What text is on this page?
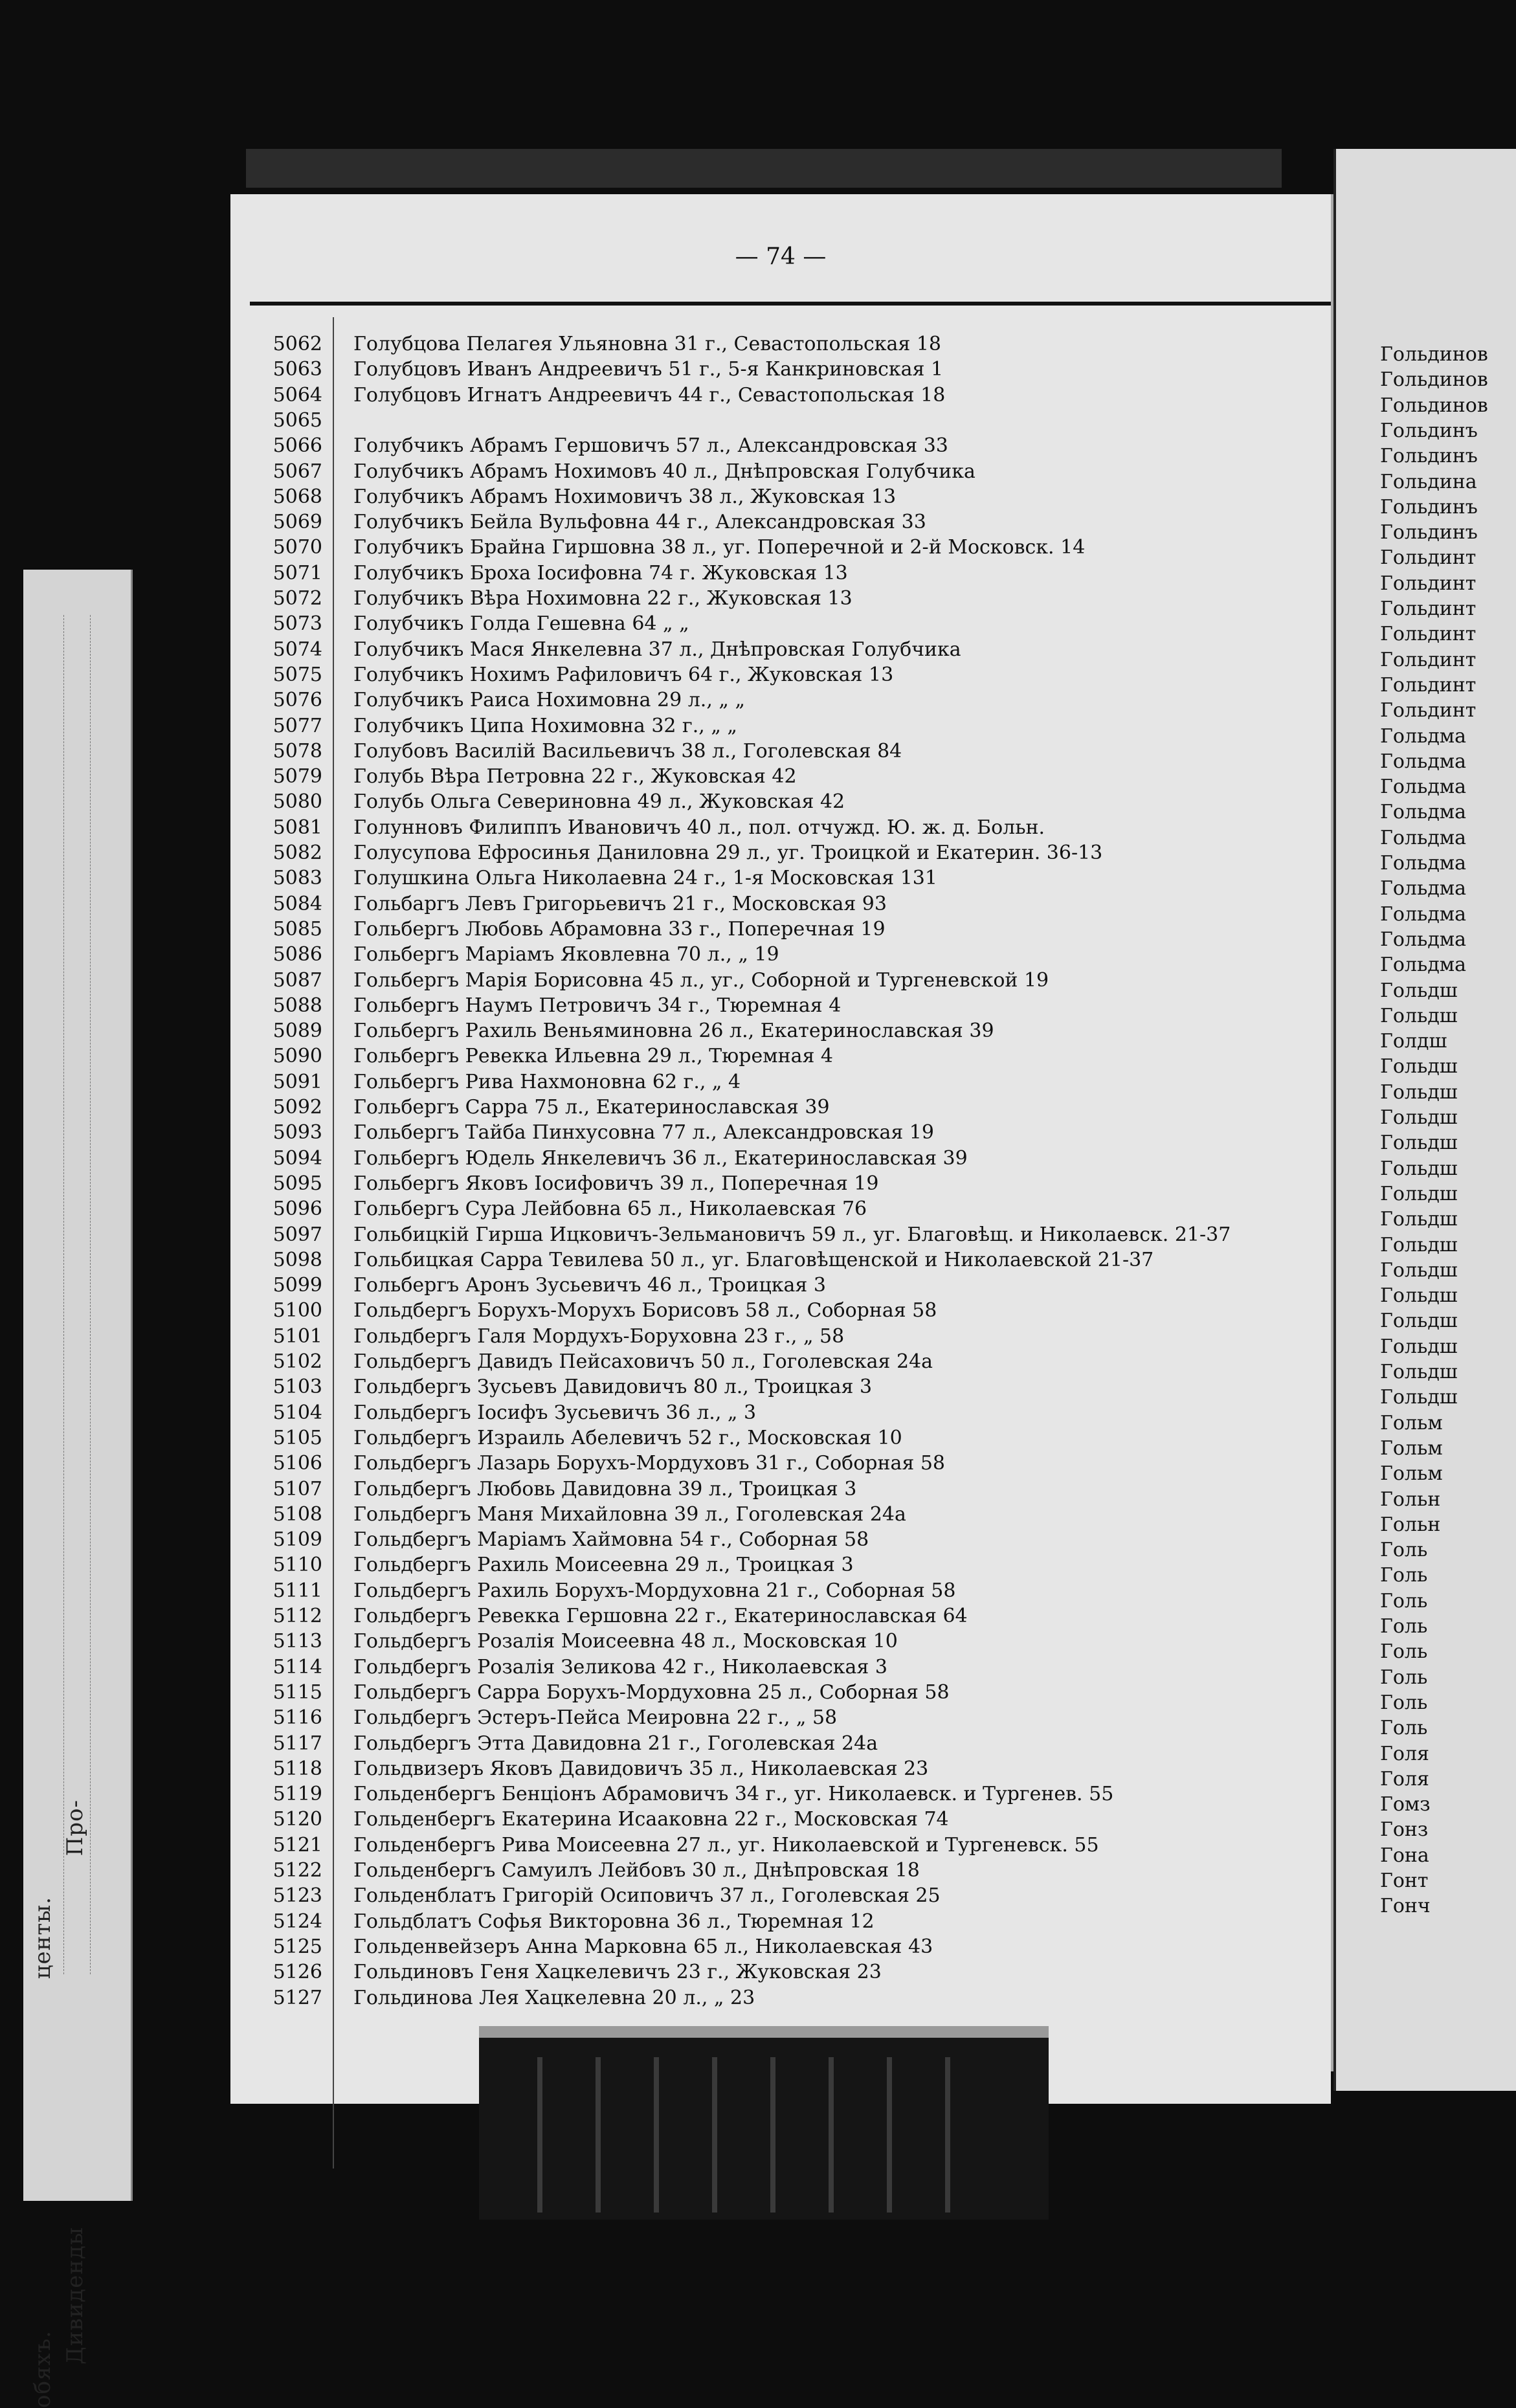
Про-
центы.
Дивиденды
обяхъ.
Гольдинов
Гольдинов
Гольдинов
Гольдинъ
Гольдинъ
Гольдина
Гольдинъ
Гольдинъ
Гольдинт
Гольдинт
Гольдинт
Гольдинт
Гольдинт
Гольдинт
Гольдинт
Гольдма
Гольдма
Гольдма
Гольдма
Гольдма
Гольдма
Гольдма
Гольдма
Гольдма
Гольдма
Гольдш
Гольдш
Голдш
Гольдш
Гольдш
Гольдш
Гольдш
Гольдш
Гольдш
Гольдш
Гольдш
Гольдш
Гольдш
Гольдш
Гольдш
Гольдш
Гольдш
Гольм
Гольм
Гольм
Гольн
Гольн
Голь
Голь
Голь
Голь
Голь
Голь
Голь
Голь
Голя
Голя
Гомз
Гонз
Гона
Гонт
Гонч
— 74 —
5062 Голубцова Пелагея Ульяновна 31 г., Севастопольская 18
5063 Голубцовъ Иванъ Андреевичъ 51 г., 5-я Канкриновская 1
5064 Голубцовъ Игнатъ Андреевичъ 44 г., Севастопольская 18
5065
5066 Голубчикъ Абрамъ Гершовичъ 57 л., Александровская 33
5067 Голубчикъ Абрамъ Нохимовъ 40 л., Днѣпровская Голубчика
5068 Голубчикъ Абрамъ Нохимовичъ 38 л., Жуковская 13
5069 Голубчикъ Бейла Вульфовна 44 г., Александровская 33
5070 Голубчикъ Брайна Гиршовна 38 л., уг. Поперечной и 2-й Московск. 14
5071 Голубчикъ Броха Іосифовна 74 г. Жуковская 13
5072 Голубчикъ Вѣра Нохимовна 22 г., Жуковская 13
5073 Голубчикъ Голда Гешевна 64 „ „
5074 Голубчикъ Мася Янкелевна 37 л., Днѣпровская Голубчика
5075 Голубчикъ Нохимъ Рафиловичъ 64 г., Жуковская 13
5076 Голубчикъ Раиса Нохимовна 29 л., „ „
5077 Голубчикъ Ципа Нохимовна 32 г., „ „
5078 Голубовъ Василій Васильевичъ 38 л., Гоголевская 84
5079 Голубь Вѣра Петровна 22 г., Жуковская 42
5080 Голубь Ольга Севериновна 49 л., Жуковская 42
5081 Голунновъ Филиппъ Ивановичъ 40 л., пол. отчужд. Ю. ж. д. Больн.
5082 Голусупова Ефросинья Даниловна 29 л., уг. Троицкой и Екатерин. 36-13
5083 Голушкина Ольга Николаевна 24 г., 1-я Московская 131
5084 Гольбаргъ Левъ Григорьевичъ 21 г., Московская 93
5085 Гольбергъ Любовь Абрамовна 33 г., Поперечная 19
5086 Гольбергъ Маріамъ Яковлевна 70 л., „ 19
5087 Гольбергъ Марія Борисовна 45 л., уг., Соборной и Тургеневской 19
5088 Гольбергъ Наумъ Петровичъ 34 г., Тюремная 4
5089 Гольбергъ Рахиль Веньяминовна 26 л., Екатеринославская 39
5090 Гольбергъ Ревекка Ильевна 29 л., Тюремная 4
5091 Гольбергъ Рива Нахмоновна 62 г., „ 4
5092 Гольбергъ Сарра 75 л., Екатеринославская 39
5093 Гольбергъ Тайба Пинхусовна 77 л., Александровская 19
5094 Гольбергъ Юдель Янкелевичъ 36 л., Екатеринославская 39
5095 Гольбергъ Яковъ Іосифовичъ 39 л., Поперечная 19
5096 Гольбергъ Сура Лейбовна 65 л., Николаевская 76
5097 Гольбицкій Гирша Ицковичъ-Зельмановичъ 59 л., уг. Благовѣщ. и Николаевск. 21-37
5098 Гольбицкая Сарра Тевилева 50 л., уг. Благовѣщенской и Николаевской 21-37
5099 Гольбергъ Аронъ Зусьевичъ 46 л., Троицкая 3
5100 Гольдбергъ Борухъ-Морухъ Борисовъ 58 л., Соборная 58
5101 Гольдбергъ Галя Мордухъ-Боруховна 23 г., „ 58
5102 Гольдбергъ Давидъ Пейсаховичъ 50 л., Гоголевская 24а
5103 Гольдбергъ Зусьевъ Давидовичъ 80 л., Троицкая 3
5104 Гольдбергъ Іосифъ Зусьевичъ 36 л., „ 3
5105 Гольдбергъ Израиль Абелевичъ 52 г., Московская 10
5106 Гольдбергъ Лазарь Борухъ-Мордуховъ 31 г., Соборная 58
5107 Гольдбергъ Любовь Давидовна 39 л., Троицкая 3
5108 Гольдбергъ Маня Михайловна 39 л., Гоголевская 24а
5109 Гольдбергъ Маріамъ Хаймовна 54 г., Соборная 58
5110 Гольдбергъ Рахиль Моисеевна 29 л., Троицкая 3
5111 Гольдбергъ Рахиль Борухъ-Мордуховна 21 г., Соборная 58
5112 Гольдбергъ Ревекка Гершовна 22 г., Екатеринославская 64
5113 Гольдбергъ Розалія Моисеевна 48 л., Московская 10
5114 Гольдбергъ Розалія Зеликова 42 г., Николаевская 3
5115 Гольдбергъ Сарра Борухъ-Мордуховна 25 л., Соборная 58
5116 Гольдбергъ Эстеръ-Пейса Меировна 22 г., „ 58
5117 Гольдбергъ Этта Давидовна 21 г., Гоголевская 24а
5118 Гольдвизеръ Яковъ Давидовичъ 35 л., Николаевская 23
5119 Гольденбергъ Бенціонъ Абрамовичъ 34 г., уг. Николаевск. и Тургенев. 55
5120 Гольденбергъ Екатерина Исааковна 22 г., Московская 74
5121 Гольденбергъ Рива Моисеевна 27 л., уг. Николаевской и Тургеневск. 55
5122 Гольденбергъ Самуилъ Лейбовъ 30 л., Днѣпровская 18
5123 Гольденблатъ Григорій Осиповичъ 37 л., Гоголевская 25
5124 Гольдблатъ Софья Викторовна 36 л., Тюремная 12
5125 Гольденвейзеръ Анна Марковна 65 л., Николаевская 43
5126 Гольдиновъ Геня Хацкелевичъ 23 г., Жуковская 23
5127 Гольдинова Лея Хацкелевна 20 л., „ 23
